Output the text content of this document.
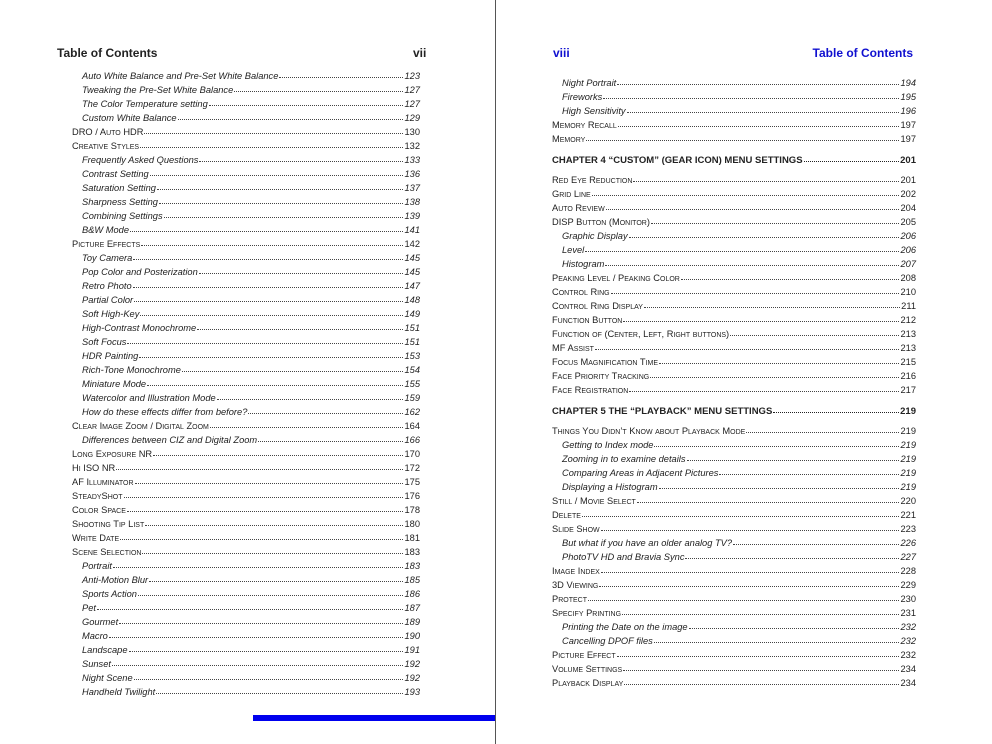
Table of Contents	vii
Auto White Balance and Pre-Set White Balance	123
Tweaking the Pre-Set White Balance	127
The Color Temperature setting	127
Custom White Balance	129
DRO / Auto HDR	130
Creative Styles	132
Frequently Asked Questions	133
Contrast Setting	136
Saturation Setting	137
Sharpness Setting	138
Combining Settings	139
B&W Mode	141
Picture Effects	142
Toy Camera	145
Pop Color and Posterization	145
Retro Photo	147
Partial Color	148
Soft High-Key	149
High-Contrast Monochrome	151
Soft Focus	151
HDR Painting	153
Rich-Tone Monochrome	154
Miniature Mode	155
Watercolor and Illustration Mode	159
How do these effects differ from before?	162
Clear Image Zoom / Digital Zoom	164
Differences between CIZ and Digital Zoom	166
Long Exposure NR	170
Hi ISO NR	172
AF Illuminator	175
SteadyShot	176
Color Space	178
Shooting Tip List	180
Write Date	181
Scene Selection	183
Portrait	183
Anti-Motion Blur	185
Sports Action	186
Pet	187
Gourmet	189
Macro	190
Landscape	191
Sunset	192
Night Scene	192
Handheld Twilight	193
viii	Table of Contents
Night Portrait	194
Fireworks	195
High Sensitivity	196
Memory Recall	197
Memory	197
CHAPTER 4 “CUSTOM” (GEAR ICON) MENU SETTINGS	201
Red Eye Reduction	201
Grid Line	202
Auto Review	204
DISP Button (Monitor)	205
Graphic Display	206
Level	206
Histogram	207
Peaking Level / Peaking Color	208
Control Ring	210
Control Ring Display	211
Function Button	212
Function of (Center, Left, Right buttons)	213
MF Assist	213
Focus Magnification Time	215
Face Priority Tracking	216
Face Registration	217
CHAPTER 5 THE “PLAYBACK” MENU SETTINGS	219
Things You Didn’t Know about Playback Mode	219
Getting to Index mode	219
Zooming in to examine details	219
Comparing Areas in Adjacent Pictures	219
Displaying a Histogram	219
Still / Movie Select	220
Delete	221
Slide Show	223
But what if you have an older analog TV?	226
PhotoTV HD and Bravia Sync	227
Image Index	228
3D Viewing	229
Protect	230
Specify Printing	231
Printing the Date on the image	232
Cancelling DPOF files	232
Picture Effect	232
Volume Settings	234
Playback Display	234
